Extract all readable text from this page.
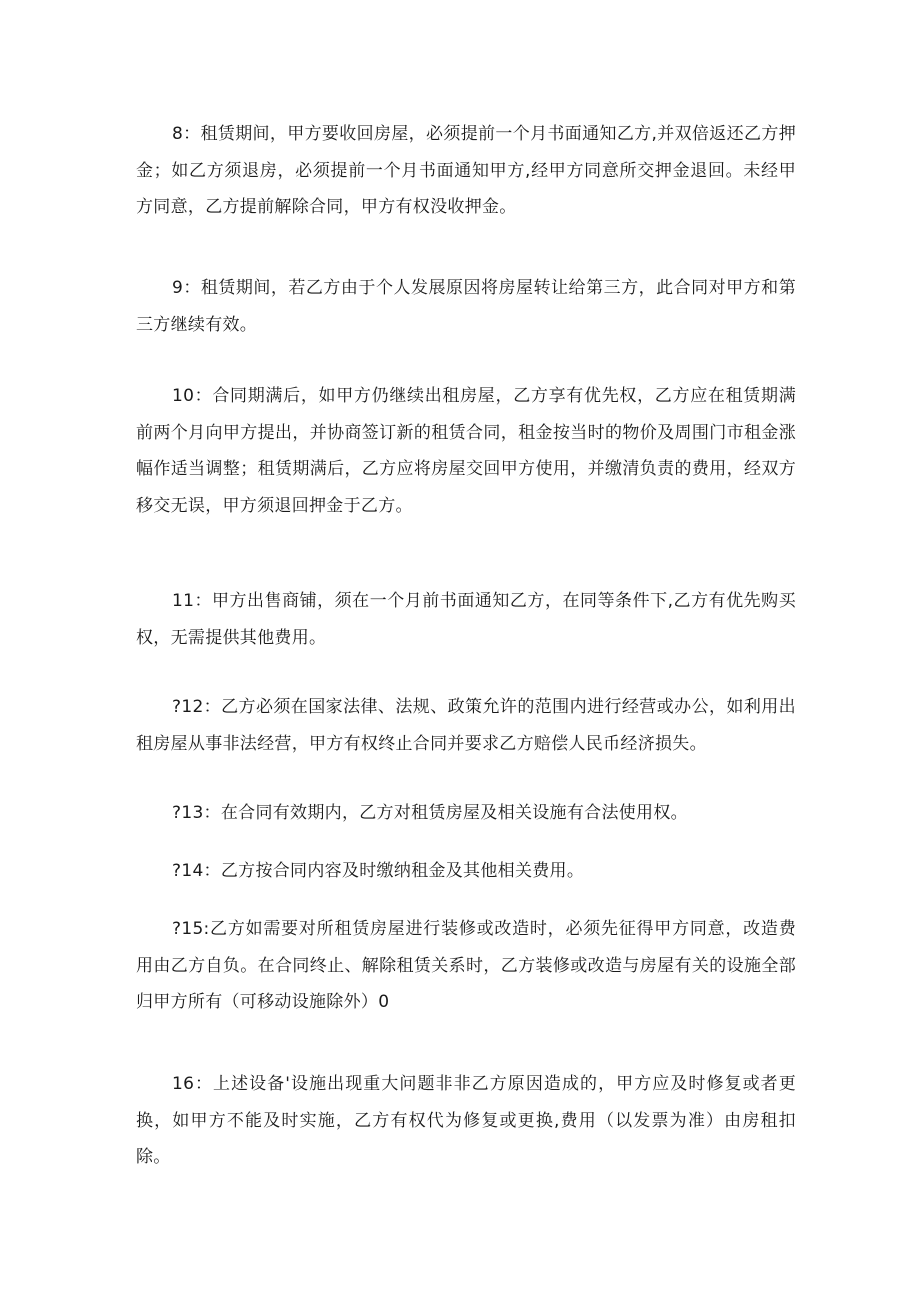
8：租赁期间，甲方要收回房屋，必须提前一个月书面通知乙方,并双倍返还乙方押金；如乙方须退房，必须提前一个月书面通知甲方,经甲方同意所交押金退回。未经甲方同意，乙方提前解除合同，甲方有权没收押金。

9：租赁期间，若乙方由于个人发展原因将房屋转让给第三方，此合同对甲方和第三方继续有效。

10：合同期满后，如甲方仍继续出租房屋，乙方享有优先权，乙方应在租赁期满前两个月向甲方提出，并协商签订新的租赁合同，租金按当时的物价及周围门市租金涨幅作适当调整；租赁期满后，乙方应将房屋交回甲方使用，并缴清负责的费用，经双方移交无误，甲方须退回押金于乙方。

11：甲方出售商铺，须在一个月前书面通知乙方，在同等条件下,乙方有优先购买权，无需提供其他费用。

?12：乙方必须在国家法律、法规、政策允许的范围内进行经营或办公，如利用出租房屋从事非法经营，甲方有权终止合同并要求乙方赔偿人民币经济损失。

?13：在合同有效期内，乙方对租赁房屋及相关设施有合法使用权。

?14：乙方按合同内容及时缴纳租金及其他相关费用。

?15:乙方如需要对所租赁房屋进行装修或改造时，必须先征得甲方同意，改造费用由乙方自负。在合同终止、解除租赁关系时，乙方装修或改造与房屋有关的设施全部归甲方所有（可移动设施除外）0

16：上述设备'设施出现重大问题非非乙方原因造成的，甲方应及时修复或者更换，如甲方不能及时实施，乙方有权代为修复或更换,费用（以发票为准）由房租扣除。
